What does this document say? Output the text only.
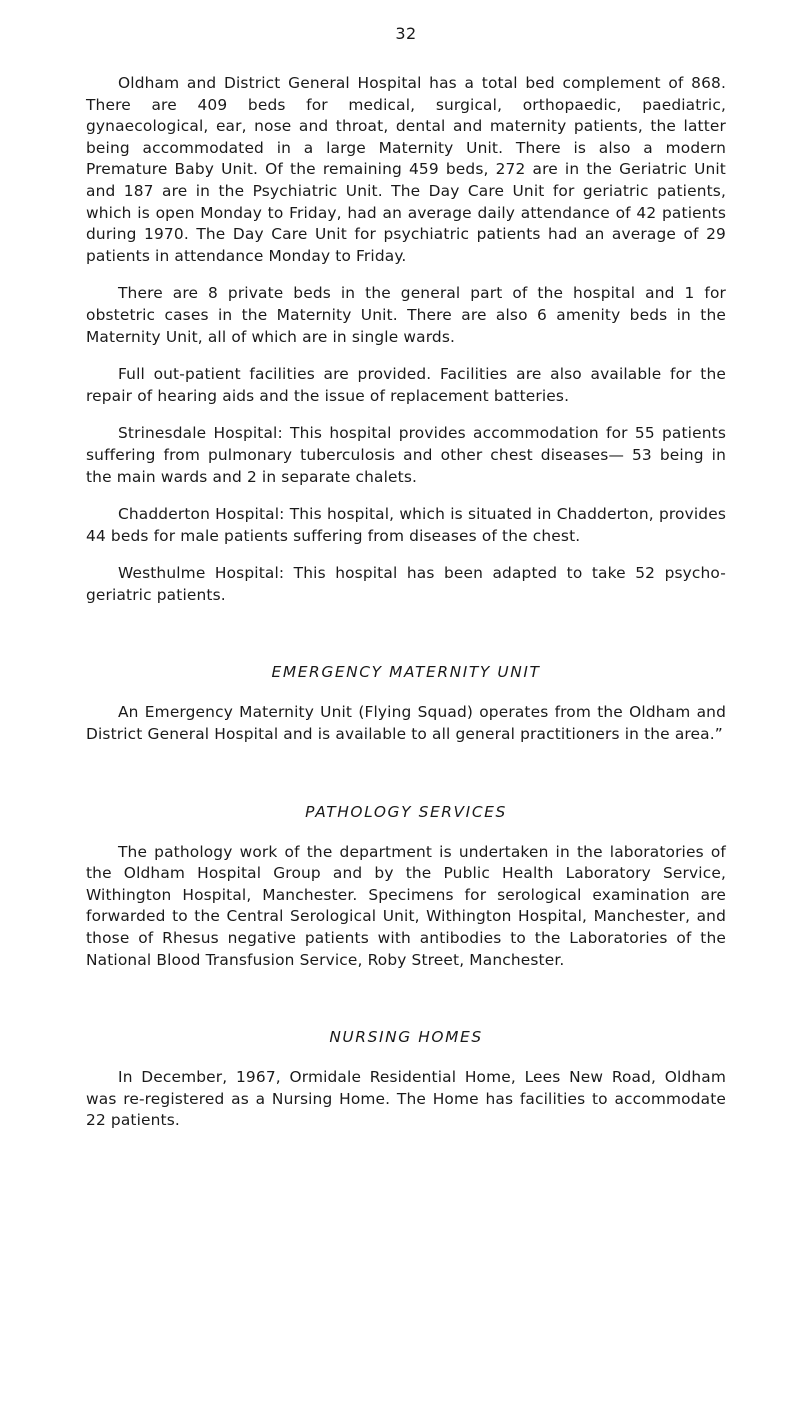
32

Oldham and District General Hospital has a total bed complement of 868. There are 409 beds for medical, surgical, orthopaedic, paediatric, gynaecological, ear, nose and throat, dental and maternity patients, the latter being accommodated in a large Maternity Unit. There is also a modern Premature Baby Unit. Of the remaining 459 beds, 272 are in the Geriatric Unit and 187 are in the Psychiatric Unit. The Day Care Unit for geriatric patients, which is open Monday to Friday, had an average daily attendance of 42 patients during 1970. The Day Care Unit for psychiatric patients had an average of 29 patients in attendance Monday to Friday.

There are 8 private beds in the general part of the hospital and 1 for obstetric cases in the Maternity Unit. There are also 6 amenity beds in the Maternity Unit, all of which are in single wards.

Full out-patient facilities are provided. Facilities are also available for the repair of hearing aids and the issue of replacement batteries.

Strinesdale Hospital: This hospital provides accommodation for 55 patients suffering from pulmonary tuberculosis and other chest diseases— 53 being in the main wards and 2 in separate chalets.

Chadderton Hospital: This hospital, which is situated in Chadderton, provides 44 beds for male patients suffering from diseases of the chest.

Westhulme Hospital: This hospital has been adapted to take 52 psycho-geriatric patients.

EMERGENCY MATERNITY UNIT

An Emergency Maternity Unit (Flying Squad) operates from the Oldham and District General Hospital and is available to all general practitioners in the area.”

PATHOLOGY SERVICES

The pathology work of the department is undertaken in the laboratories of the Oldham Hospital Group and by the Public Health Laboratory Service, Withington Hospital, Manchester. Specimens for serological examination are forwarded to the Central Serological Unit, Withington Hospital, Manchester, and those of Rhesus negative patients with antibodies to the Laboratories of the National Blood Transfusion Service, Roby Street, Manchester.

NURSING HOMES

In December, 1967, Ormidale Residential Home, Lees New Road, Oldham was re-registered as a Nursing Home. The Home has facilities to accommodate 22 patients.
